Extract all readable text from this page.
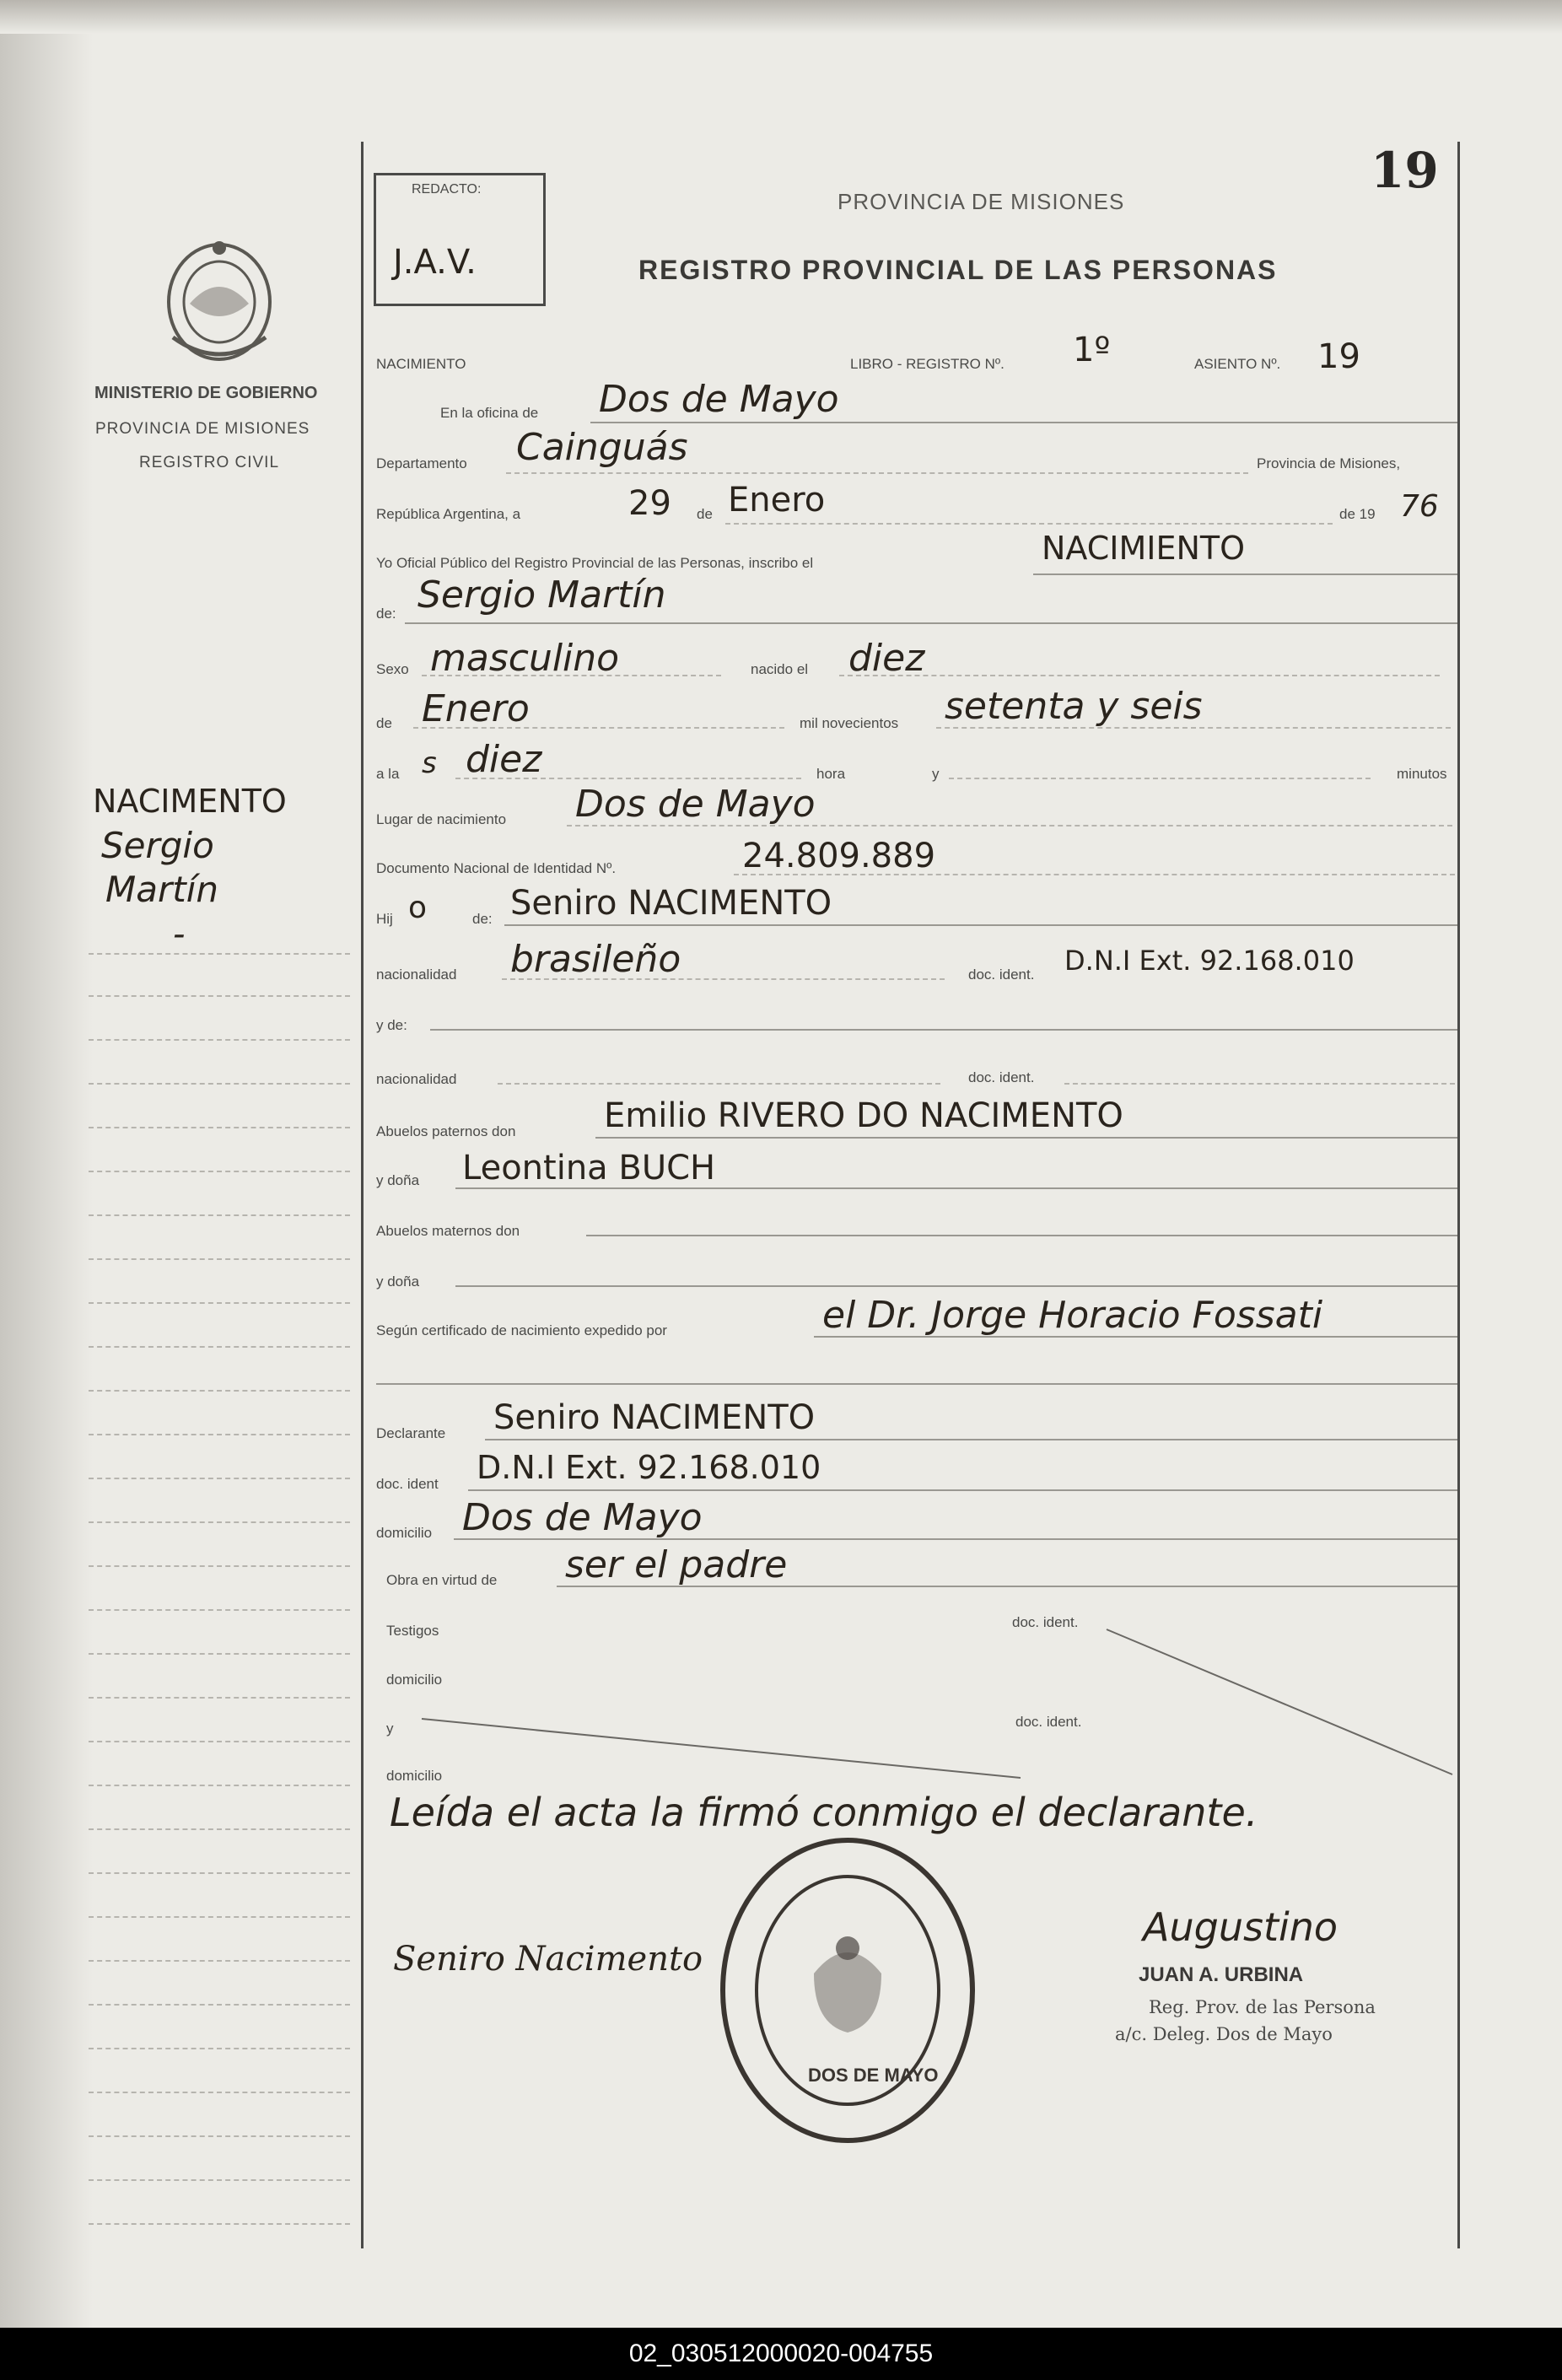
MINISTERIO DE GOBIERNO
PROVINCIA DE MISIONES
REGISTRO CIVIL
NACIMENTO
Sergio
Martín
-
19
REDACTO:
J.A.V.
PROVINCIA DE MISIONES
REGISTRO PROVINCIAL DE LAS PERSONAS
NACIMIENTO	LIBRO - REGISTRO Nº. 1º	ASIENTO Nº. 19
En la oficina de Dos de Mayo
Departamento Cainguás	Provincia de Misiones,
República Argentina, a	29 de Enero	de 19 76
Yo Oficial Público del Registro Provincial de las Personas, inscribo el	NACIMIENTO
de: Sergio Martín
Sexo masculino	nacido el diez
de Enero	mil novecientos setenta y seis
a la s diez	hora	y	minutos
Lugar de nacimiento Dos de Mayo
Documento Nacional de Identidad Nº.	24.809.889
Hij o	de: Seniro NACIMENTO
nacionalidad brasileño	doc. ident. D.N.I Ext. 92.168.010
y de:
nacionalidad	doc. ident.
Abuelos paternos don	Emilio RIVERO DO NACIMENTO
y doña Leontina BUCH
Abuelos maternos don
y doña
Según certificado de nacimiento expedido por	el Dr. Jorge Horacio Fossati
Declarante Seniro NACIMENTO
doc. ident D.N.I Ext. 92.168.010
domicilio Dos de Mayo
Obra en virtud de ser el padre
Testigos
doc. ident.
domicilio
y	doc. ident.
domicilio
Leída el acta la firmó conmigo el declarante.
DOS DE MAYO
Seniro Nacimento
Augustino
JUAN A. URBINA
Reg. Prov. de las Persona
a/c. Deleg. Dos de Mayo
02_030512000020-004755
